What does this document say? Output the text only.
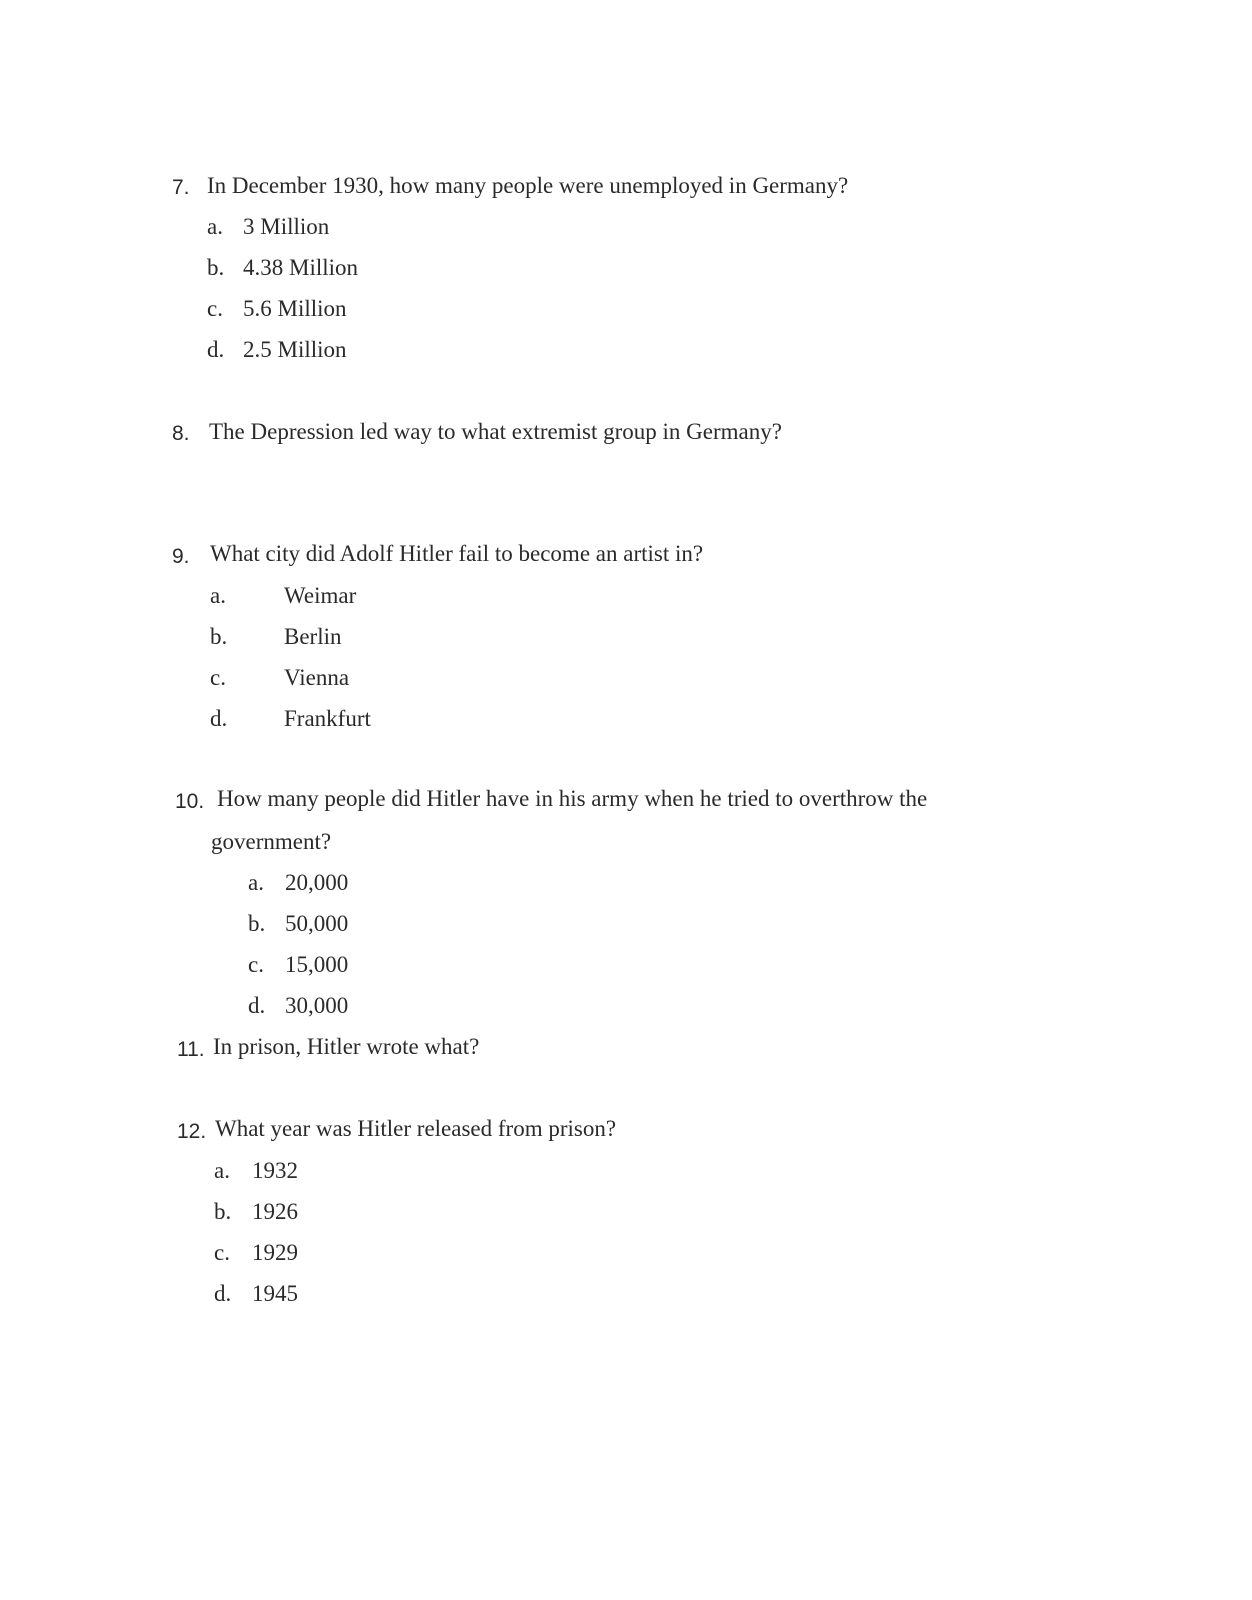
7. In December 1930, how many people were unemployed in Germany?
a. 3 Million
b. 4.38 Million
c. 5.6 Million
d. 2.5 Million
8. The Depression led way to what extremist group in Germany?
9. What city did Adolf Hitler fail to become an artist in?
a.	Weimar
b. Berlin
c.	Vienna
d. Frankfurt
10. How many people did Hitler have in his army when he tried to overthrow the
government?
a. 20,000
b. 50,000
c. 15,000
d. 30,000
11. In prison, Hitler wrote what?
12. What year was Hitler released from prison?
a. 1932
b. 1926
c. 1929
d. 1945
